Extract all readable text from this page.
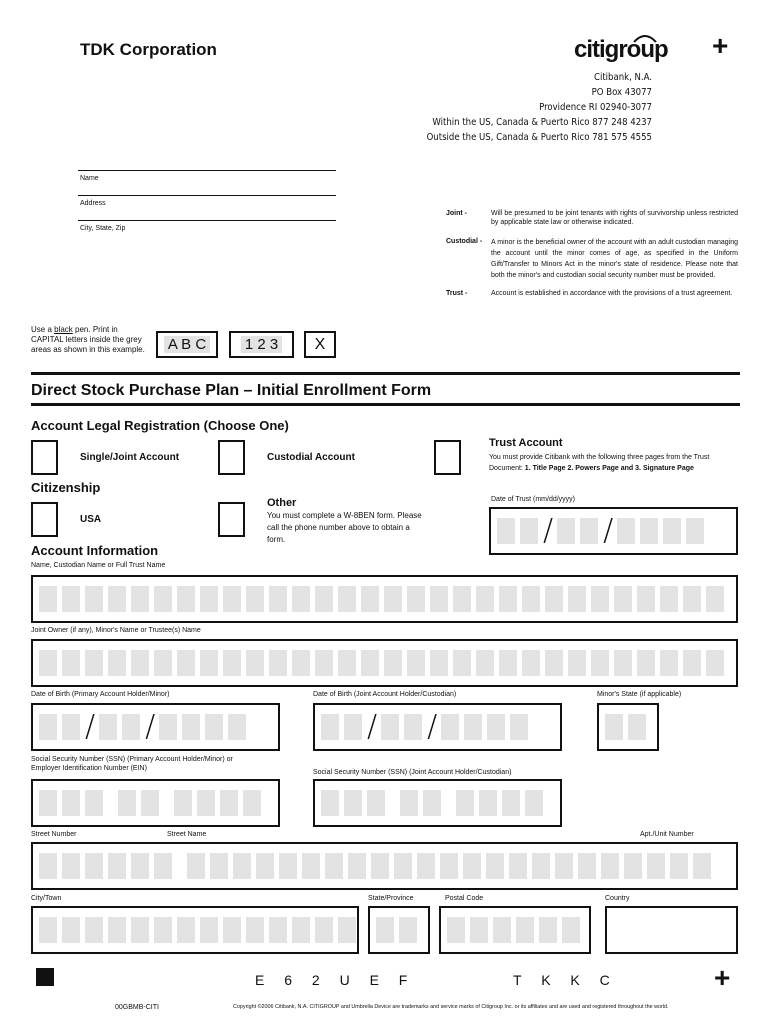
TDK Corporation	citigroup +
Citibank, N.A.
PO Box 43077
Providence RI 02940-3077
Within the US, Canada & Puerto Rico 877 248 4237
Outside the US, Canada & Puerto Rico 781 575 4555
Name
Address
City, State, Zip
Joint -	Will be presumed to be joint tenants with rights of survivorship unless restricted by applicable state law or otherwise indicated.
Custodial - A minor is the beneficial owner of the account with an adult custodian managing the account until the minor comes of age, as specified in the Uniform Gift/Transfer to Minors Act in the minor's state of residence. Please note that both the minor's and custodian social security number must be provided.
Trust -	Account is established in accordance with the provisions of a trust agreement.
Use a black pen. Print in
CAPITAL letters inside the grey
areas as shown in this example.	A B C	1 2 3	X
Direct Stock Purchase Plan – Initial Enrollment Form
Account Legal Registration (Choose One)
Single/Joint Account	Custodial Account
Trust Account
You must provide Citibank with the following three pages from the Trust Document: 1. Title Page 2. Powers Page and 3. Signature Page
Date of Trust (mm/dd/yyyy)
/ /
Citizenship
USA
Other
You must complete a W-8BEN form. Please call the phone number above to obtain a form.
Account Information
Name, Custodian Name or Full Trust Name
Joint Owner (if any), Minor's Name or Trustee(s) Name
Date of Birth (Primary Account Holder/Minor)
/ /
Date of Birth (Joint Account Holder/Custodian)
/ /
Minor's State (if applicable)
Social Security Number (SSN) (Primary Account Holder/Minor) or
Employer Identification Number (EIN)
Social Security Number (SSN) (Joint Account Holder/Custodian)
Street Number	Street Name	Apt./Unit Number
City/Town	State/Province	Postal Code	Country
E 6 2 U E F	T K K C	+
00GBMB-CITI	Copyright ©2006 Citibank, N.A. CITIGROUP and Umbrella Device are trademarks and service marks of Citigroup Inc. or its affiliates and are used and registered throughout the world.
